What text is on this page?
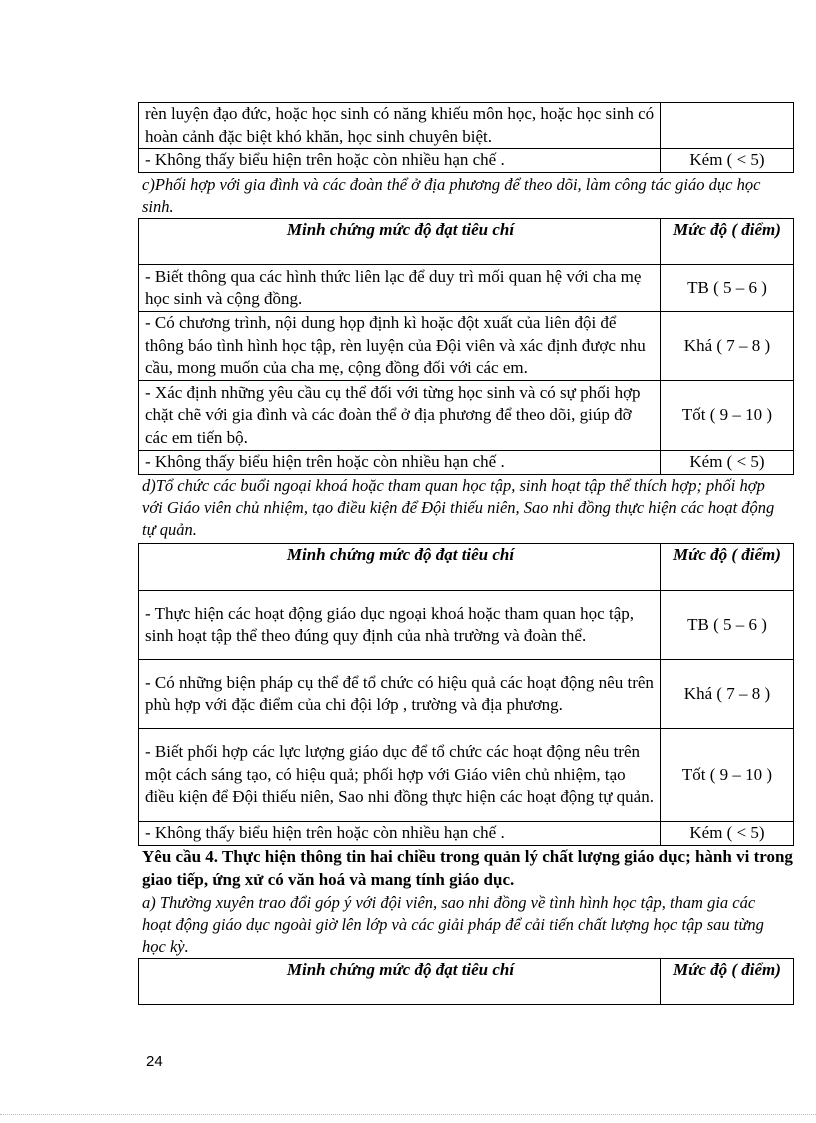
rèn luyện đạo đức, hoặc học sinh có năng khiếu môn học, hoặc học sinh có hoàn cảnh đặc biệt khó khăn, học sinh chuyên biệt.	
- Không thấy biểu hiện trên hoặc còn nhiều hạn chế .	Kém ( < 5)
c)Phối hợp với gia đình và các đoàn thể ở địa phương để theo dõi, làm công tác giáo dục học sinh.
Minh chứng mức độ đạt tiêu chí	Mức độ ( điểm)
- Biết thông qua các hình thức liên lạc để duy trì mối quan hệ với cha mẹ học sinh và cộng đồng.	TB ( 5 – 6 )
- Có chương trình, nội dung họp định kì hoặc đột xuất của liên đội để thông báo tình hình học tập, rèn luyện của Đội viên và xác định được nhu cầu, mong muốn của cha mẹ, cộng đồng đối với các em.	Khá ( 7 – 8 )
- Xác định những yêu cầu cụ thể đối với từng học sinh và có sự phối hợp chặt chẽ với gia đình và các đoàn thể ở địa phương để theo dõi, giúp đỡ các em tiến bộ.	Tốt ( 9 – 10 )
- Không thấy biểu hiện trên hoặc còn nhiều hạn chế .	Kém ( < 5)
d)Tổ chức các buổi ngoại khoá hoặc tham quan học tập, sinh hoạt tập thể thích hợp; phối hợp với Giáo viên chủ nhiệm, tạo điều kiện để Đội thiếu niên, Sao nhi đồng thực hiện các hoạt động tự quản.
Minh chứng mức độ đạt tiêu chí	Mức độ ( điểm)
- Thực hiện các hoạt động giáo dục ngoại khoá hoặc tham quan học tập, sinh hoạt tập thể theo đúng quy định của nhà trường và đoàn thể.	TB ( 5 – 6 )
- Có những biện pháp cụ thể để tổ chức có hiệu quả các hoạt động nêu trên phù hợp với đặc điểm của chi đội lớp , trường và địa phương.	Khá ( 7 – 8 )
- Biết phối hợp các lực lượng giáo dục để tổ chức các hoạt động nêu trên một cách sáng tạo, có hiệu quả; phối hợp với Giáo viên chủ nhiệm, tạo điều kiện để Đội thiếu niên, Sao nhi đồng thực hiện các hoạt động tự quản.	Tốt ( 9 – 10 )
- Không thấy biểu hiện trên hoặc còn nhiều hạn chế .	Kém ( < 5)
Yêu cầu 4. Thực hiện thông tin hai chiều trong quản lý chất lượng giáo dục; hành vi trong giao tiếp, ứng xử có văn hoá và mang tính giáo dục.
a) Thường xuyên trao đổi góp ý với đội viên, sao nhi đồng về tình hình học tập, tham gia các hoạt động giáo dục ngoài giờ lên lớp và các giải pháp để cải tiến chất lượng học tập sau từng học kỳ.
Minh chứng mức độ đạt tiêu chí	Mức độ ( điểm)
24
